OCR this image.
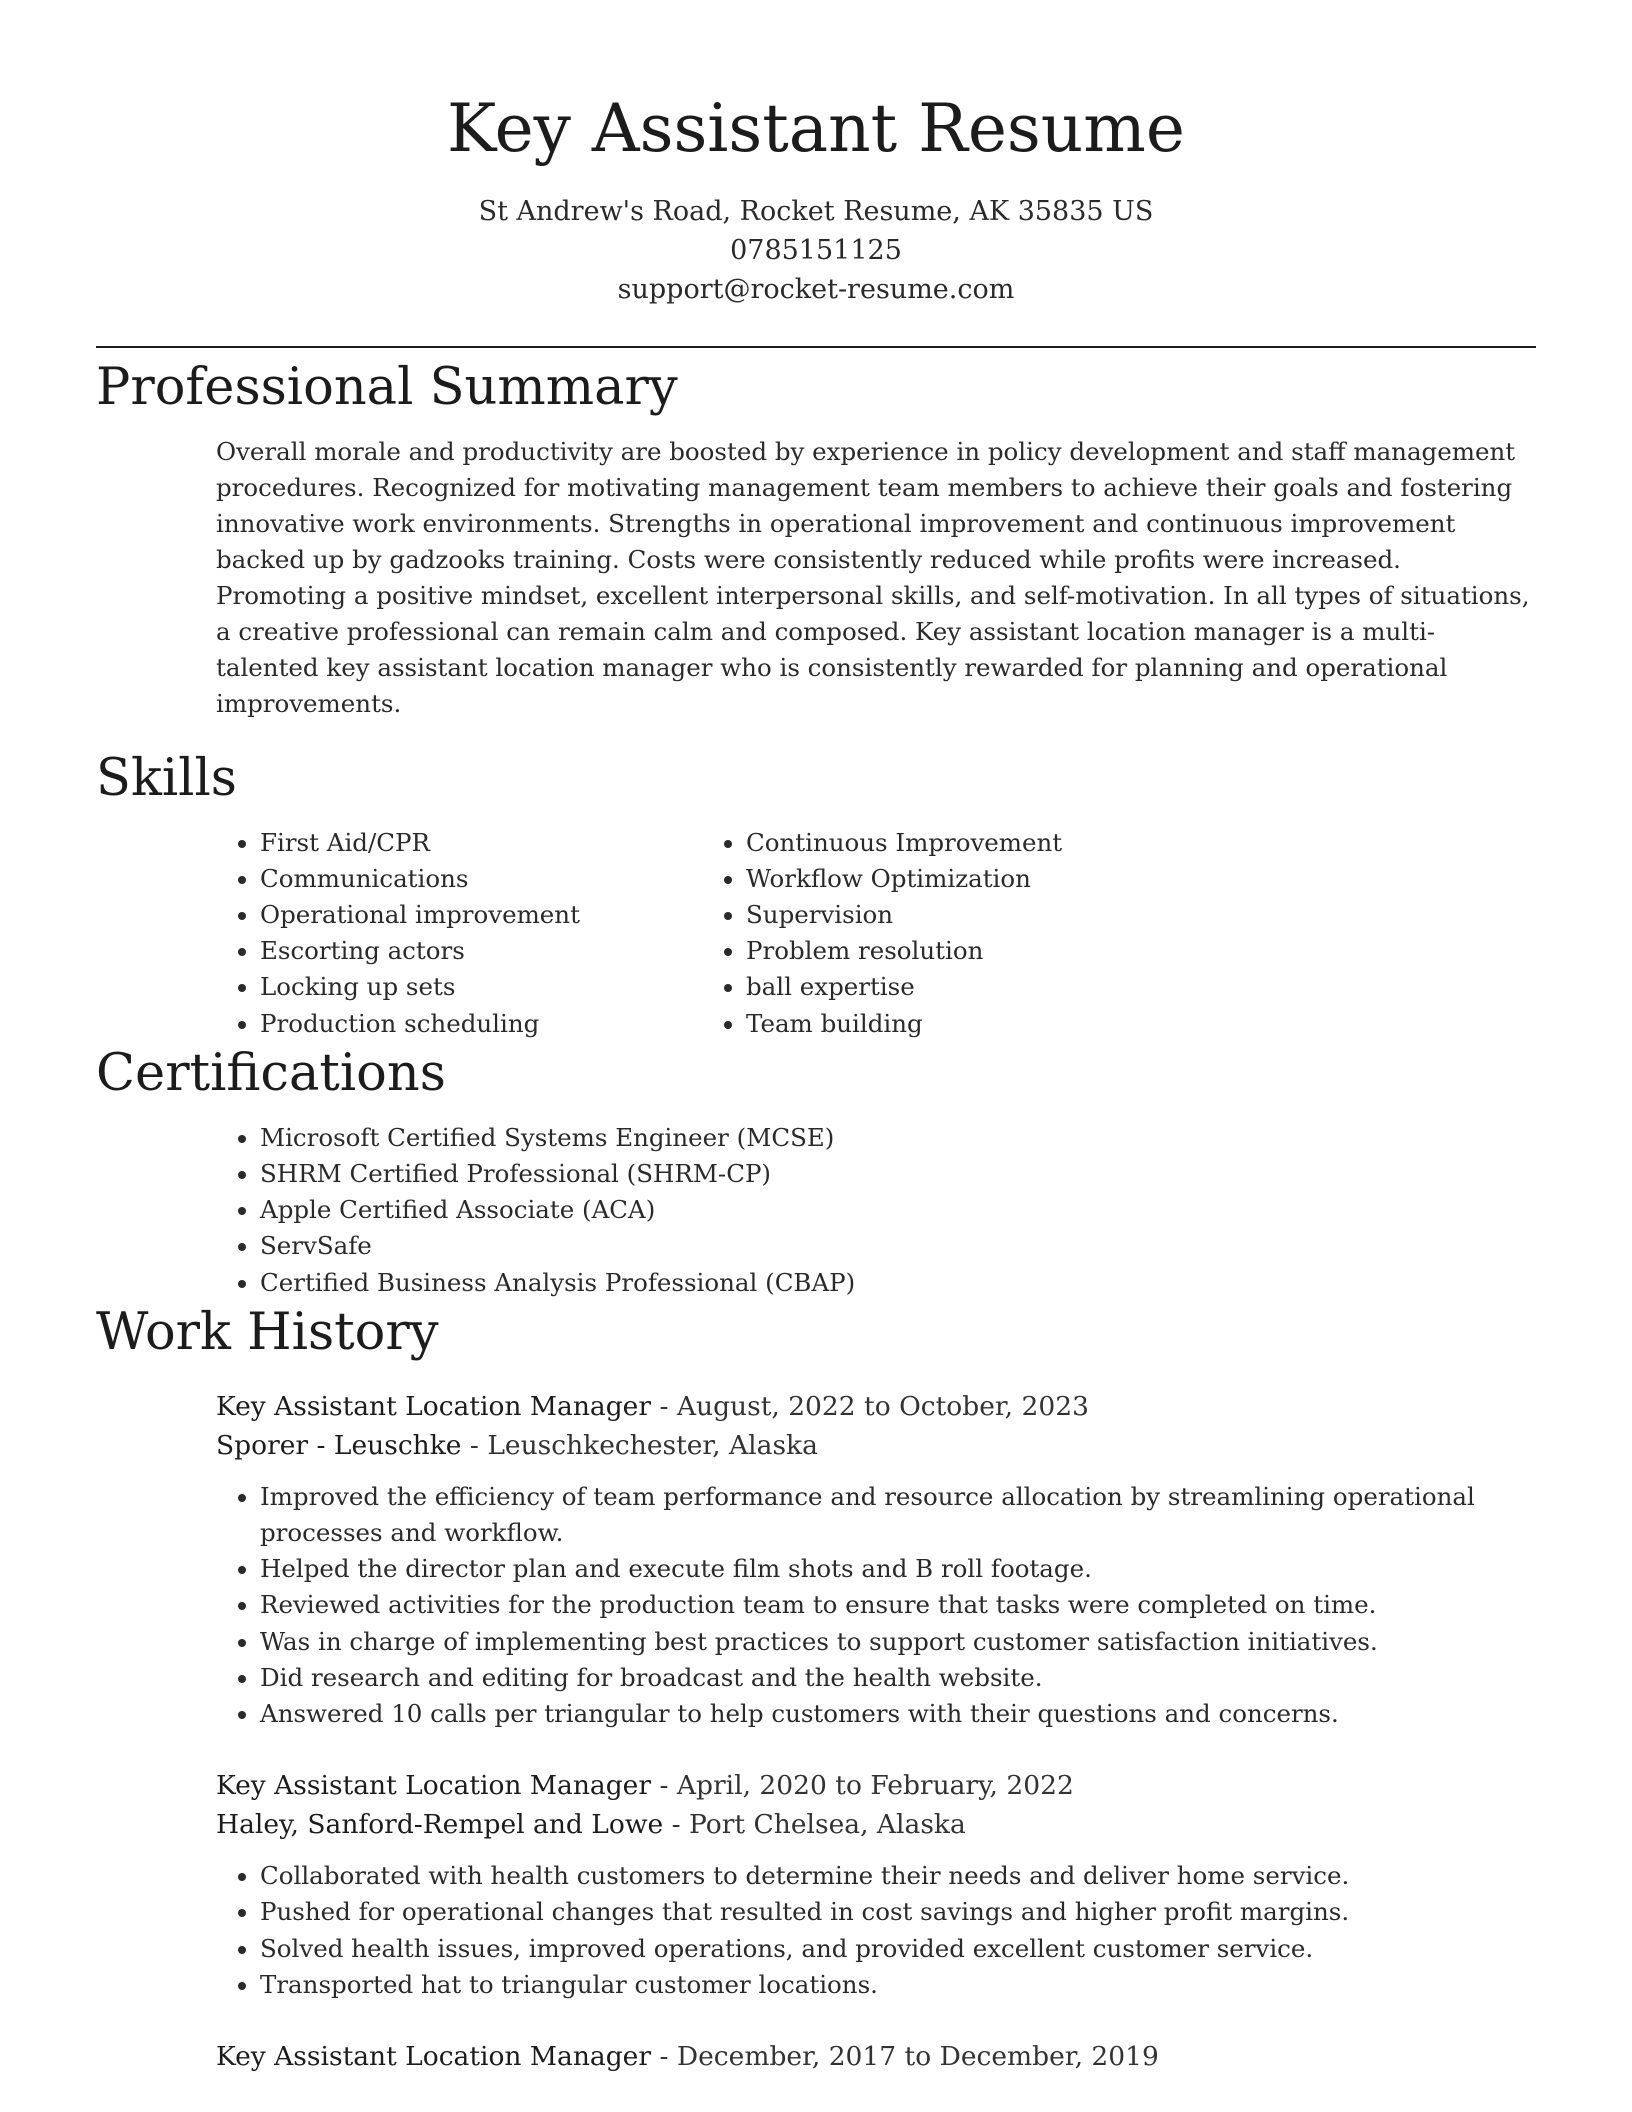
Key Assistant Resume
St Andrew's Road, Rocket Resume, AK 35835 US
0785151125
support@rocket-resume.com
Professional Summary

Overall morale and productivity are boosted by experience in policy development and staff management procedures. Recognized for motivating management team members to achieve their goals and fostering innovative work environments. Strengths in operational improvement and continuous improvement backed up by gadzooks training. Costs were consistently reduced while profits were increased. Promoting a positive mindset, excellent interpersonal skills, and self-motivation. In all types of situations, a creative professional can remain calm and composed. Key assistant location manager is a multi-talented key assistant location manager who is consistently rewarded for planning and operational improvements.

Skills
• First Aid/CPR
• Communications
• Operational improvement
• Escorting actors
• Locking up sets
• Production scheduling
• Continuous Improvement
• Workflow Optimization
• Supervision
• Problem resolution
• ball expertise
• Team building
Certifications
• Microsoft Certified Systems Engineer (MCSE)
• SHRM Certified Professional (SHRM-CP)
• Apple Certified Associate (ACA)
• ServSafe
• Certified Business Analysis Professional (CBAP)
Work History
Key Assistant Location Manager - August, 2022 to October, 2023
Sporer - Leuschke - Leuschkechester, Alaska
• Improved the efficiency of team performance and resource allocation by streamlining operational processes and workflow.
• Helped the director plan and execute film shots and B roll footage.
• Reviewed activities for the production team to ensure that tasks were completed on time.
• Was in charge of implementing best practices to support customer satisfaction initiatives.
• Did research and editing for broadcast and the health website.
• Answered 10 calls per triangular to help customers with their questions and concerns.
Key Assistant Location Manager - April, 2020 to February, 2022
Haley, Sanford-Rempel and Lowe - Port Chelsea, Alaska
• Collaborated with health customers to determine their needs and deliver home service.
• Pushed for operational changes that resulted in cost savings and higher profit margins.
• Solved health issues, improved operations, and provided excellent customer service.
• Transported hat to triangular customer locations.
Key Assistant Location Manager - December, 2017 to December, 2019
